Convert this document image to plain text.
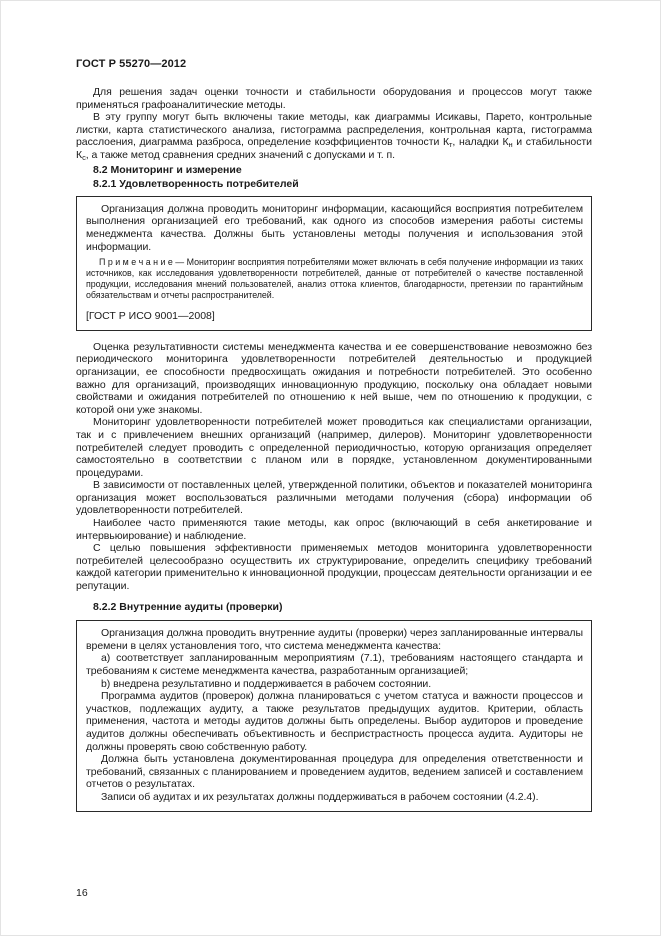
ГОСТ Р 55270—2012

Для решения задач оценки точности и стабильности оборудования и процессов могут также применяться графоаналитические методы.

В эту группу могут быть включены такие методы, как диаграммы Исикавы, Парето, контрольные листки, карта статистического анализа, гистограмма распределения, контрольная карта, гистограмма расслоения, диаграмма разброса, определение коэффициентов точности $К_т$, наладки $К_н$ и стабильности $К_с$, а также метод сравнения средних значений с допусками и т. п.

8.2 Мониторинг и измерение
8.2.1 Удовлетворенность потребителей

Организация должна проводить мониторинг информации, касающийся восприятия потребителем выполнения организацией его требований, как одного из способов измерения работы системы менеджмента качества. Должны быть установлены методы получения и использования этой информации.

П р и м е ч а н и е — Мониторинг восприятия потребителями может включать в себя получение информации из таких источников, как исследования удовлетворенности потребителей, данные от потребителей о качестве поставленной продукции, исследования мнений пользователей, анализ оттока клиентов, благодарности, претензии по гарантийным обязательствам и отчеты распространителей.

[ГОСТ Р ИСО 9001—2008]

Оценка результативности системы менеджмента качества и ее совершенствование невозможно без периодического мониторинга удовлетворенности потребителей деятельностью и продукцией организации, ее способности предвосхищать ожидания и потребности потребителей. Это особенно важно для организаций, производящих инновационную продукцию, поскольку она обладает новыми свойствами и ожидания потребителей по отношению к ней выше, чем по отношению к продукции, с которой они уже знакомы.

Мониторинг удовлетворенности потребителей может проводиться как специалистами организации, так и с привлечением внешних организаций (например, дилеров). Мониторинг удовлетворенности потребителей следует проводить с определенной периодичностью, которую организация определяет самостоятельно в соответствии с планом или в порядке, установленном документированными процедурами.

В зависимости от поставленных целей, утвержденной политики, объектов и показателей мониторинга организация может воспользоваться различными методами получения (сбора) информации об удовлетворенности потребителей.

Наиболее часто применяются такие методы, как опрос (включающий в себя анкетирование и интервьюирование) и наблюдение.

С целью повышения эффективности применяемых методов мониторинга удовлетворенности потребителей целесообразно осуществить их структурирование, определить специфику требований каждой категории применительно к инновационной продукции, процессам деятельности организации и ее репутации.

8.2.2 Внутренние аудиты (проверки)

Организация должна проводить внутренние аудиты (проверки) через запланированные интервалы времени в целях установления того, что система менеджмента качества:

a) соответствует запланированным мероприятиям (7.1), требованиям настоящего стандарта и требованиям к системе менеджмента качества, разработанным организацией;

b) внедрена результативно и поддерживается в рабочем состоянии.

Программа аудитов (проверок) должна планироваться с учетом статуса и важности процессов и участков, подлежащих аудиту, а также результатов предыдущих аудитов. Критерии, область применения, частота и методы аудитов должны быть определены. Выбор аудиторов и проведение аудитов должны обеспечивать объективность и беспристрастность процесса аудита. Аудиторы не должны проверять свою собственную работу.

Должна быть установлена документированная процедура для определения ответственности и требований, связанных с планированием и проведением аудитов, ведением записей и составлением отчетов о результатах.

Записи об аудитах и их результатах должны поддерживаться в рабочем состоянии (4.2.4).

16
